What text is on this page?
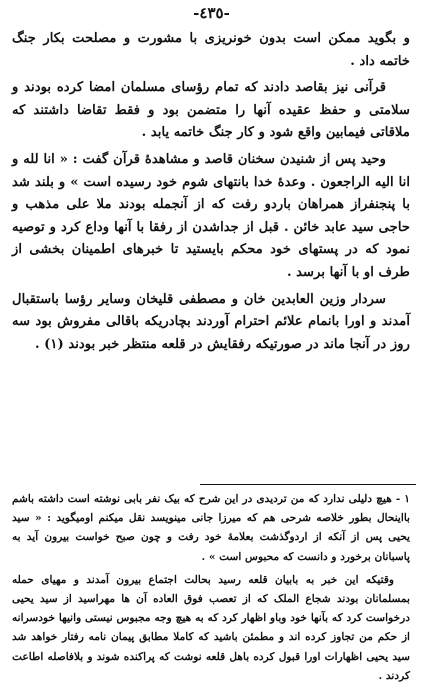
-٤٣٥-

و بگوید ممکن است بدون خونریزی با مشورت و مصلحت بکار جنگ خاتمه داد .

قرآنی نیز بقاصد دادند که تمام رؤسای مسلمان امضا کرده بودند و سلامتی و حفظ عقیده آنها را متضمن بود و فقط تقاضا داشتند که ملاقاتی فیمابین واقع شود و کار جنگ خاتمه یابد .

وحید پس از شنیدن سخنان قاصد و مشاهدهٔ قرآن گفت : « انا لله و انا الیه الراجعون . وعدهٔ خدا بانتهای شوم خود رسیده است » و بلند شد با پنجنفراز همراهان باردو رفت که از آنجمله بودند ملا علی مذهب و حاجی سید عابد خائن . قبل از جداشدن از رفقا با آنها وداع کرد و توصیه نمود که در پستهای خود محکم بایستید تا خبرهای اطمینان بخشی از طرف او با آنها برسد .

سردار وزین العابدین خان و مصطفی قلیخان وسایر رؤسا باستقبال آمدند و اورا بانمام علائم احترام آوردند بچادریکه باقالی مفروش بود سه روز در آنجا ماند در صورتیکه رفقایش در قلعه منتظر خبر بودند (١) .

١ - هیچ دلیلی ندارد که من تردیدی در این شرح که بیک نفر بابی نوشته است داشته باشم بااینحال بطور خلاصه شرحی هم که میرزا جانی مینویسد نقل میکنم اومیگوید : « سید یحیی پس از آنکه از اردوگذشت بعلامهٔ خود رفت و چون صبح خواست بیرون آید به پاسبانان برخورد و دانست که محبوس است » .

وقتیکه این خبر به بابیان قلعه رسید بحالت اجتماع بیرون آمدند و مهیای حمله بمسلمانان بودند شجاع الملک که از تعصب فوق العاده آن ها مهراسید از سید یحیی درخواست کرد که بآنها خود وباو اظهار کرد که به هیچ وجه مجبوس نیستی وانیها خودسرانه از حکم من تجاوز کرده اند و مطمئن باشید که کاملا مطابق پیمان نامه رفتار خواهد شد سید یحیی اظهارات اورا قبول کرده باهل قلعه نوشت که پراکنده شوند و بلافاصله اطاعت کردند .
